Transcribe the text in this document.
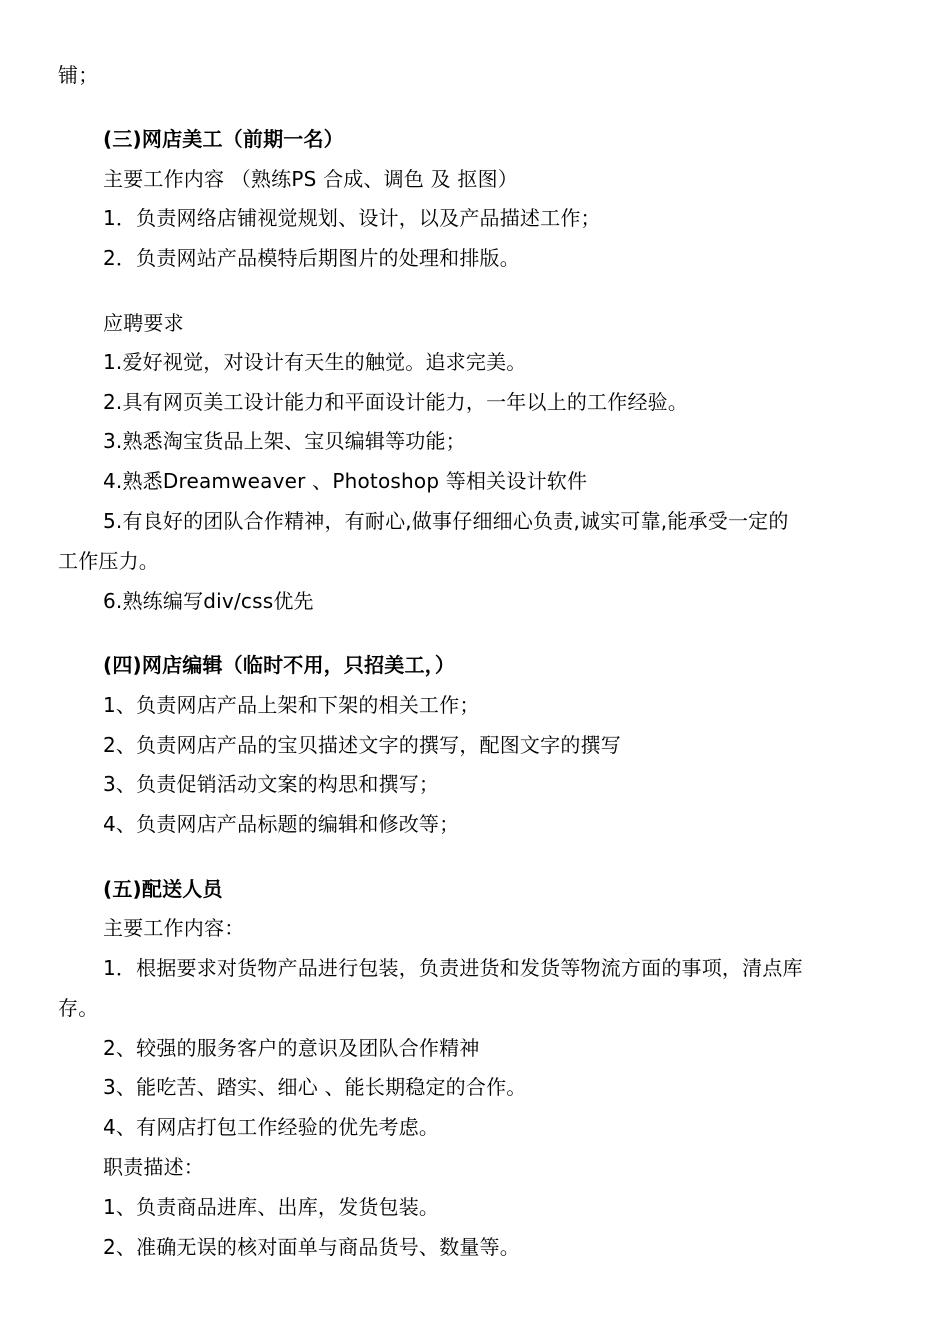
铺；
(三)网店美工（前期一名）
主要工作内容 （熟练PS 合成、调色 及 抠图）
1．负责网络店铺视觉规划、设计，以及产品描述工作；
2．负责网站产品模特后期图片的处理和排版。
应聘要求
1.爱好视觉，对设计有天生的触觉。追求完美。
2.具有网页美工设计能力和平面设计能力，一年以上的工作经验。
3.熟悉淘宝货品上架、宝贝编辑等功能；
4.熟悉Dreamweaver 、Photoshop 等相关设计软件
5.有良好的团队合作精神，有耐心,做事仔细细心负责,诚实可靠,能承受一定的
工作压力。
6.熟练编写div/css优先
(四)网店编辑（临时不用，只招美工，）
1、负责网店产品上架和下架的相关工作；
2、负责网店产品的宝贝描述文字的撰写，配图文字的撰写
3、负责促销活动文案的构思和撰写；
4、负责网店产品标题的编辑和修改等；
(五)配送人员
主要工作内容：
1．根据要求对货物产品进行包装，负责进货和发货等物流方面的事项，清点库
存。
2、较强的服务客户的意识及团队合作精神
3、能吃苦、踏实、细心 、能长期稳定的合作。
4、有网店打包工作经验的优先考虑。
职责描述：
1、负责商品进库、出库，发货包装。
2、准确无误的核对面单与商品货号、数量等。
